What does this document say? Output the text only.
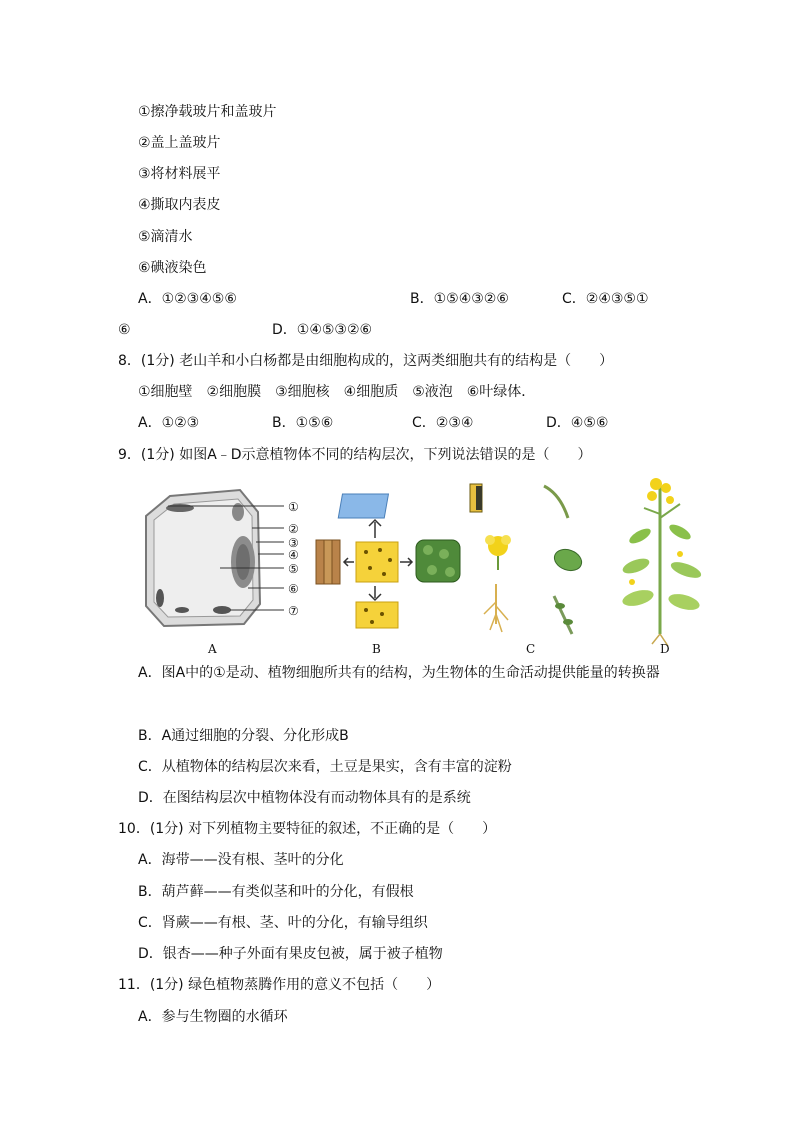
①擦净载玻片和盖玻片
②盖上盖玻片
③将材料展平
④撕取内表皮
⑤滴清水
⑥碘液染色
A．①②③④⑤⑥	B．①⑤④③②⑥	C．②④③⑤①
⑥	D．①④⑤③②⑥
8．(1分) 老山羊和小白杨都是由细胞构成的，这两类细胞共有的结构是（　　）
①细胞壁　②细胞膜　③细胞核　④细胞质　⑤液泡　⑥叶绿体．
A．①②③	B．①⑤⑥	C．②③④	D．④⑤⑥
9．(1分) 如图A﹣D示意植物体不同的结构层次，下列说法错误的是（　　）
①
②
③
④
⑤
⑥
⑦
A	B	C	D
A．图A中的①是动、植物细胞所共有的结构，为生物体的生命活动提供能量的转换器
B．A通过细胞的分裂、分化形成B
C．从植物体的结构层次来看，土豆是果实，含有丰富的淀粉
D．在图结构层次中植物体没有而动物体具有的是系统
10．(1分) 对下列植物主要特征的叙述，不正确的是（　　）
A．海带——没有根、茎叶的分化
B．葫芦藓——有类似茎和叶的分化，有假根
C．肾蕨——有根、茎、叶的分化，有输导组织
D．银杏——种子外面有果皮包被，属于被子植物
11．(1分) 绿色植物蒸腾作用的意义不包括（　　）
A．参与生物圈的水循环
